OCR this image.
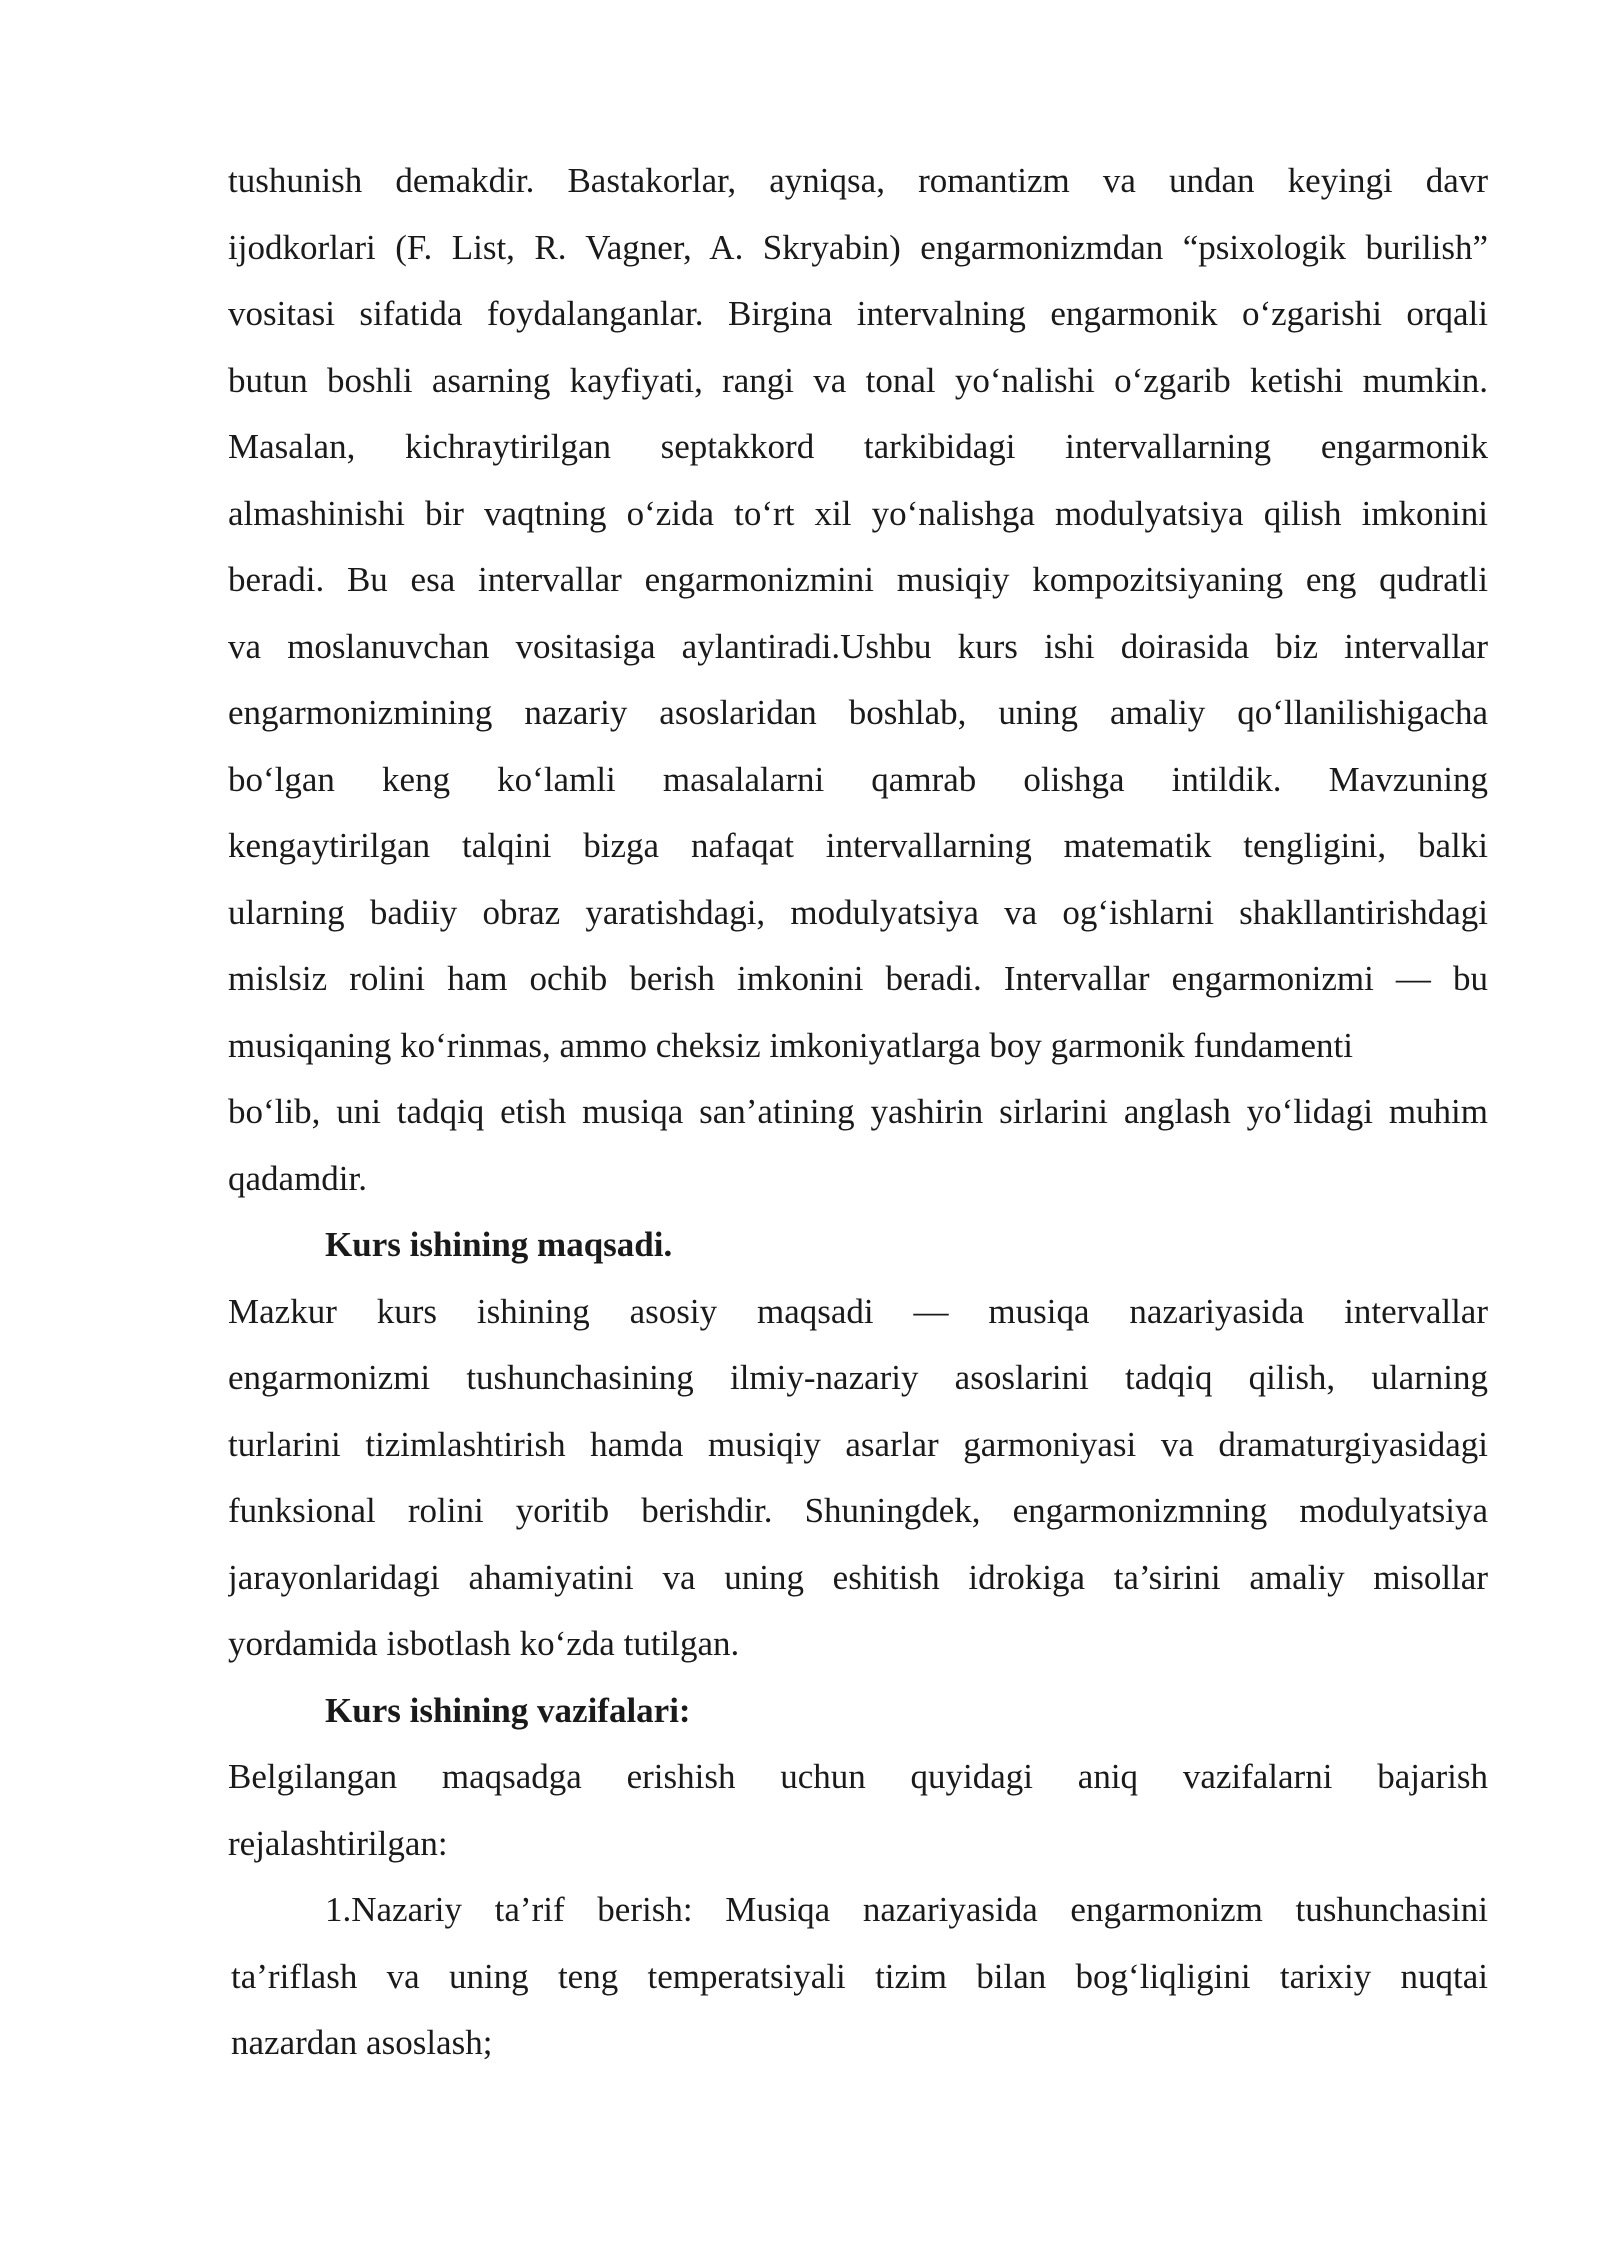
tushunish demakdir. Bastakorlar, ayniqsa, romantizm va undan keyingi davr
ijodkorlari (F. List, R. Vagner, A. Skryabin) engarmonizmdan “psixologik burilish”
vositasi sifatida foydalanganlar. Birgina intervalning engarmonik o‘zgarishi orqali
butun boshli asarning kayfiyati, rangi va tonal yo‘nalishi o‘zgarib ketishi mumkin.
Masalan, kichraytirilgan septakkord tarkibidagi intervallarning engarmonik
almashinishi bir vaqtning o‘zida to‘rt xil yo‘nalishga modulyatsiya qilish imkonini
beradi. Bu esa intervallar engarmonizmini musiqiy kompozitsiyaning eng qudratli
va moslanuvchan vositasiga aylantiradi.Ushbu kurs ishi doirasida biz intervallar
engarmonizmining nazariy asoslaridan boshlab, uning amaliy qo‘llanilishigacha
bo‘lgan keng ko‘lamli masalalarni qamrab olishga intildik. Mavzuning
kengaytirilgan talqini bizga nafaqat intervallarning matematik tengligini, balki
ularning badiiy obraz yaratishdagi, modulyatsiya va og‘ishlarni shakllantirishdagi
mislsiz rolini ham ochib berish imkonini beradi. Intervallar engarmonizmi — bu
musiqaning ko‘rinmas, ammo cheksiz imkoniyatlarga boy garmonik fundamenti
bo‘lib, uni tadqiq etish musiqa san’atining yashirin sirlarini anglash yo‘lidagi muhim
qadamdir.
Kurs ishining maqsadi.
Mazkur kurs ishining asosiy maqsadi — musiqa nazariyasida intervallar
engarmonizmi tushunchasining ilmiy-nazariy asoslarini tadqiq qilish, ularning
turlarini tizimlashtirish hamda musiqiy asarlar garmoniyasi va dramaturgiyasidagi
funksional rolini yoritib berishdir. Shuningdek, engarmonizmning modulyatsiya
jarayonlaridagi ahamiyatini va uning eshitish idrokiga ta’sirini amaliy misollar
yordamida isbotlash ko‘zda tutilgan.
Kurs ishining vazifalari:
Belgilangan maqsadga erishish uchun quyidagi aniq vazifalarni bajarish
rejalashtirilgan:
1.Nazariy ta’rif berish: Musiqa nazariyasida engarmonizm tushunchasini
ta’riflash va uning teng temperatsiyali tizim bilan bog‘liqligini tarixiy nuqtai
nazardan asoslash;
